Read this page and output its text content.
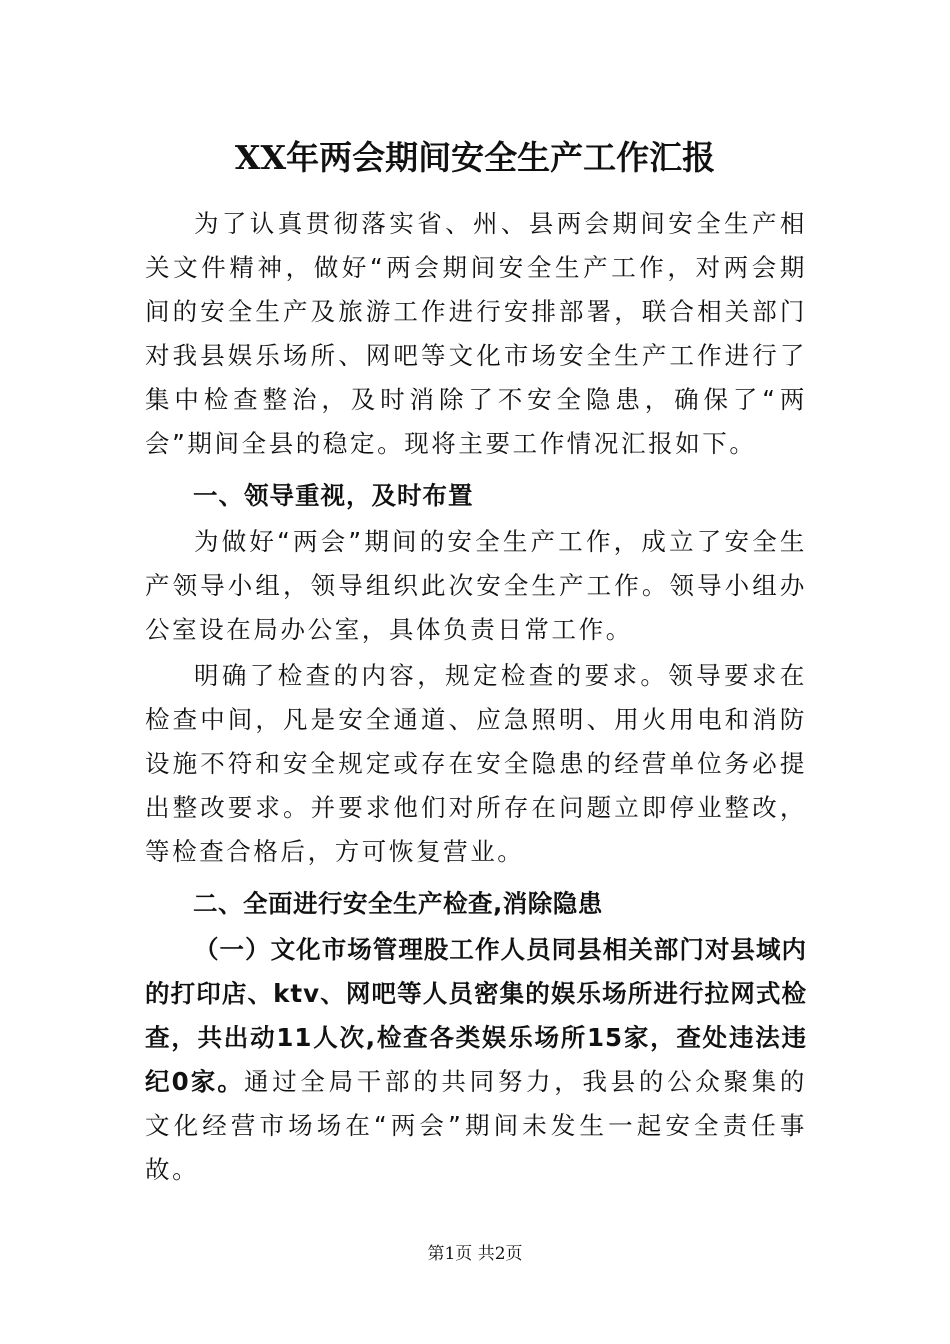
XX年两会期间安全生产工作汇报

为了认真贯彻落实省、州、县两会期间安全生产相关文件精神，做好“两会期间安全生产工作，对两会期间的安全生产及旅游工作进行安排部署，联合相关部门对我县娱乐场所、网吧等文化市场安全生产工作进行了集中检查整治，及时消除了不安全隐患，确保了“两会”期间全县的稳定。现将主要工作情况汇报如下。

一、领导重视，及时布置

为做好“两会”期间的安全生产工作，成立了安全生产领导小组，领导组织此次安全生产工作。领导小组办公室设在局办公室，具体负责日常工作。

明确了检查的内容，规定检查的要求。领导要求在检查中间，凡是安全通道、应急照明、用火用电和消防设施不符和安全规定或存在安全隐患的经营单位务必提出整改要求。并要求他们对所存在问题立即停业整改，等检查合格后，方可恢复营业。

二、全面进行安全生产检查,消除隐患

（一）文化市场管理股工作人员同县相关部门对县域内的打印店、ktv、网吧等人员密集的娱乐场所进行拉网式检查，共出动11人次,检查各类娱乐场所15家，查处违法违纪0家。通过全局干部的共同努力，我县的公众聚集的文化经营市场场在“两会”期间未发生一起安全责任事故。

第1页 共2页
